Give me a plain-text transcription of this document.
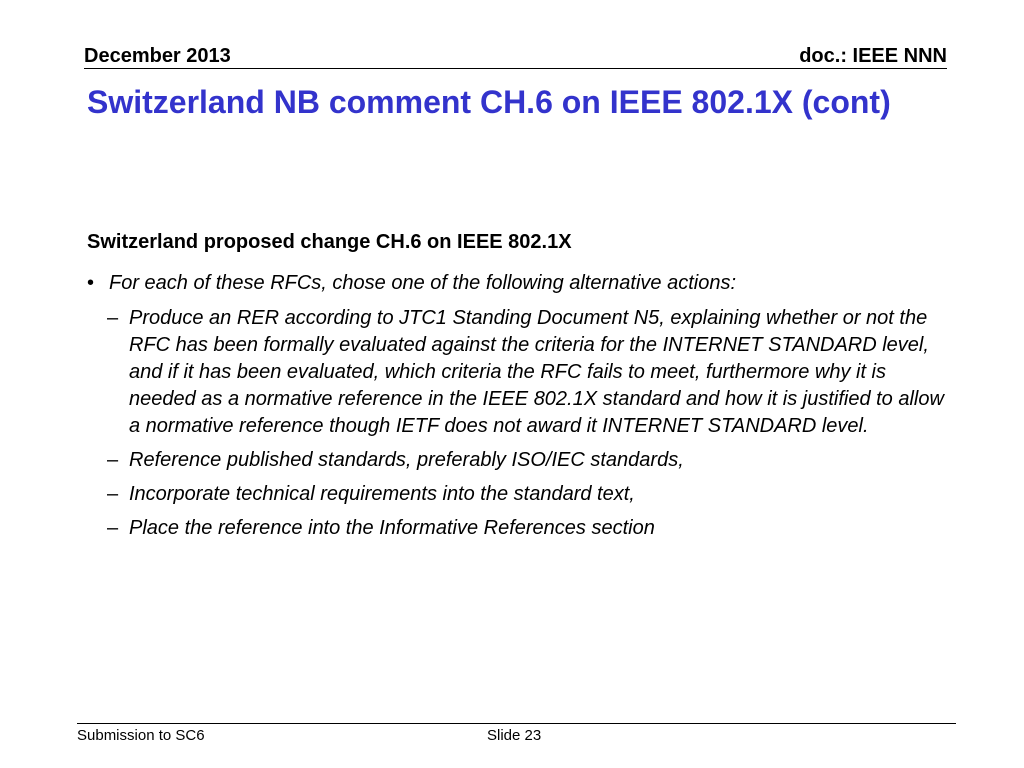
December 2013	doc.: IEEE NNN
Switzerland NB comment CH.6 on IEEE 802.1X (cont)
Switzerland proposed change CH.6 on IEEE 802.1X
• For each of these RFCs, chose one of the following alternative actions:
– Produce an RER according to JTC1 Standing Document N5, explaining whether or not the RFC has been formally evaluated against the criteria for the INTERNET STANDARD level, and if it has been evaluated, which criteria the RFC fails to meet, furthermore why it is needed as a normative reference in the IEEE 802.1X standard and how it is justified to allow a normative reference though IETF does not award it INTERNET STANDARD level.
– Reference published standards, preferably ISO/IEC standards,
– Incorporate technical requirements into the standard text,
– Place the reference into the Informative References section
Submission to SC6	Slide 23
